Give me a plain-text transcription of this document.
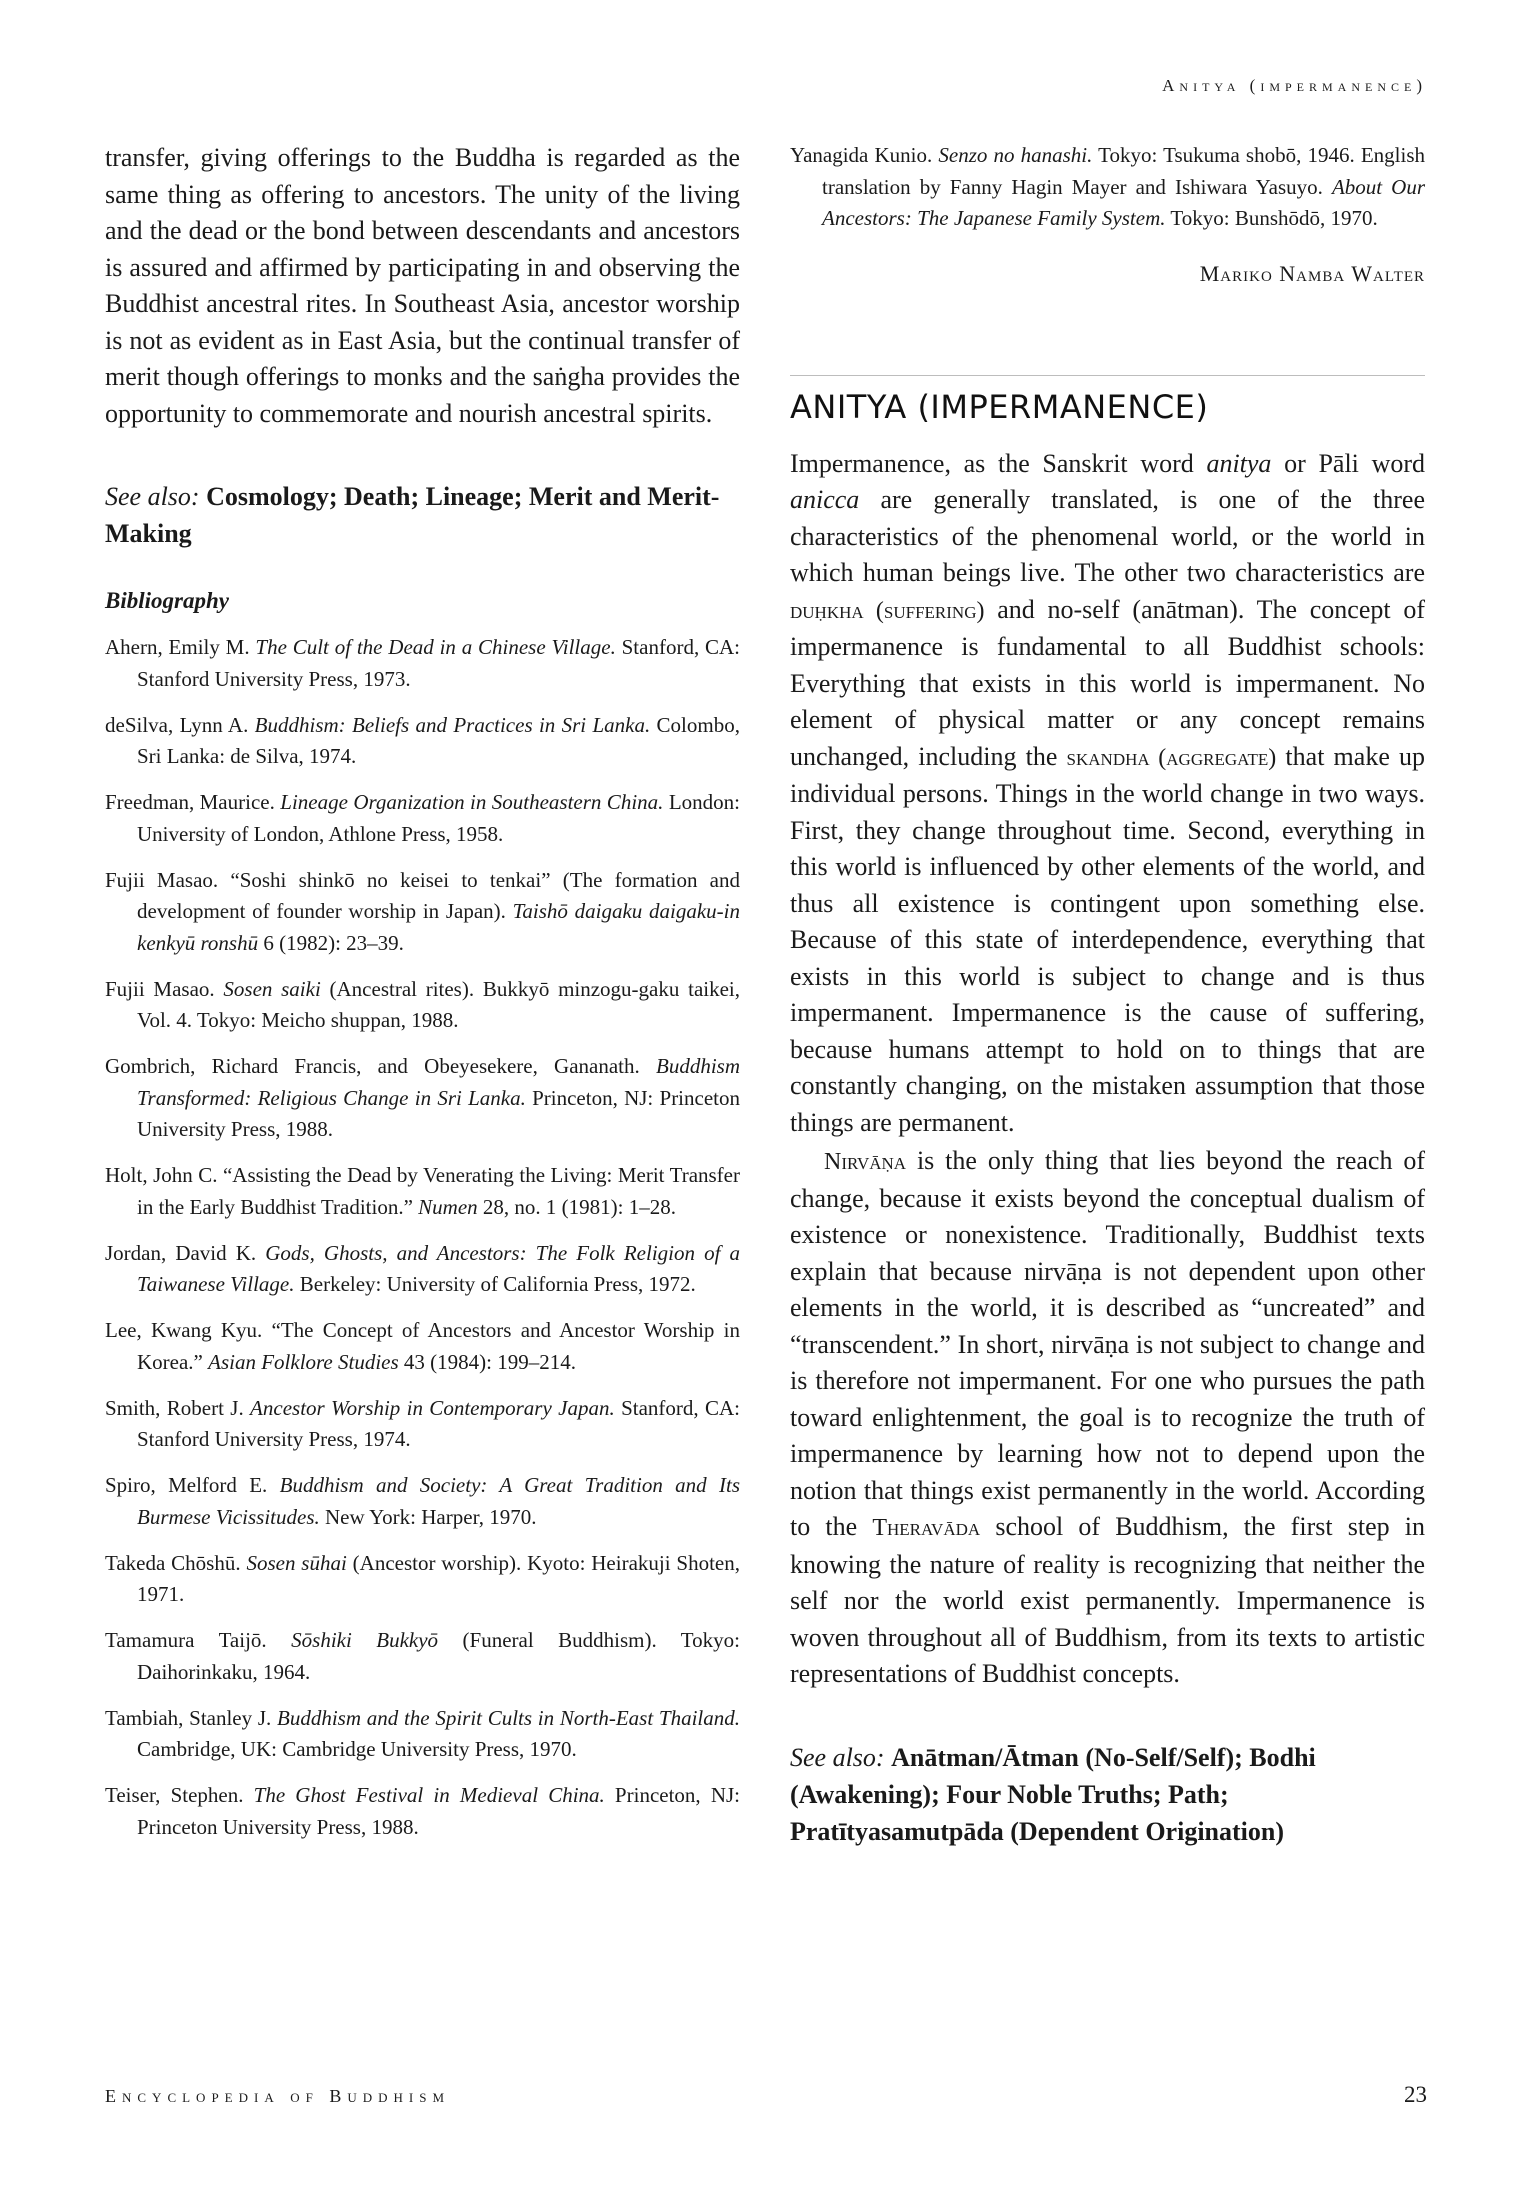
Anitya (impermanence)

transfer, giving offerings to the Buddha is regarded as the same thing as offering to ancestors. The unity of the living and the dead or the bond between descendants and ancestors is assured and affirmed by participating in and observing the Buddhist ancestral rites. In Southeast Asia, ancestor worship is not as evident as in East Asia, but the continual transfer of merit though offerings to monks and the saṅgha provides the opportunity to commemorate and nourish ancestral spirits.

See also: Cosmology; Death; Lineage; Merit and Merit-Making
Bibliography

Ahern, Emily M. The Cult of the Dead in a Chinese Village. Stanford, CA: Stanford University Press, 1973.

deSilva, Lynn A. Buddhism: Beliefs and Practices in Sri Lanka. Colombo, Sri Lanka: de Silva, 1974.

Freedman, Maurice. Lineage Organization in Southeastern China. London: University of London, Athlone Press, 1958.

Fujii Masao. “Soshi shinkō no keisei to tenkai” (The formation and development of founder worship in Japan). Taishō daigaku daigaku-in kenkyū ronshū 6 (1982): 23–39.

Fujii Masao. Sosen saiki (Ancestral rites). Bukkyō minzogu-gaku taikei, Vol. 4. Tokyo: Meicho shuppan, 1988.

Gombrich, Richard Francis, and Obeyesekere, Gananath. Buddhism Transformed: Religious Change in Sri Lanka. Princeton, NJ: Princeton University Press, 1988.

Holt, John C. “Assisting the Dead by Venerating the Living: Merit Transfer in the Early Buddhist Tradition.” Numen 28, no. 1 (1981): 1–28.

Jordan, David K. Gods, Ghosts, and Ancestors: The Folk Religion of a Taiwanese Village. Berkeley: University of California Press, 1972.

Lee, Kwang Kyu. “The Concept of Ancestors and Ancestor Worship in Korea.” Asian Folklore Studies 43 (1984): 199–214.

Smith, Robert J. Ancestor Worship in Contemporary Japan. Stanford, CA: Stanford University Press, 1974.

Spiro, Melford E. Buddhism and Society: A Great Tradition and Its Burmese Vicissitudes. New York: Harper, 1970.

Takeda Chōshū. Sosen sūhai (Ancestor worship). Kyoto: Heirakuji Shoten, 1971.

Tamamura Taijō. Sōshiki Bukkyō (Funeral Buddhism). Tokyo: Daihorinkaku, 1964.

Tambiah, Stanley J. Buddhism and the Spirit Cults in North-East Thailand. Cambridge, UK: Cambridge University Press, 1970.

Teiser, Stephen. The Ghost Festival in Medieval China. Princeton, NJ: Princeton University Press, 1988.

Yanagida Kunio. Senzo no hanashi. Tokyo: Tsukuma shobō, 1946. English translation by Fanny Hagin Mayer and Ishiwara Yasuyo. About Our Ancestors: The Japanese Family System. Tokyo: Bunshōdō, 1970.

Mariko Namba Walter
ANITYA (IMPERMANENCE)

Impermanence, as the Sanskrit word anitya or Pāli word anicca are generally translated, is one of the three characteristics of the phenomenal world, or the world in which human beings live. The other two characteristics are duḥkha (suffering) and no-self (anātman). The concept of impermanence is fundamental to all Buddhist schools: Everything that exists in this world is impermanent. No element of physical matter or any concept remains unchanged, including the skandha (aggregate) that make up individual persons. Things in the world change in two ways. First, they change throughout time. Second, everything in this world is influenced by other elements of the world, and thus all existence is contingent upon something else. Because of this state of interdependence, everything that exists in this world is subject to change and is thus impermanent. Impermanence is the cause of suffering, because humans attempt to hold on to things that are constantly changing, on the mistaken assumption that those things are permanent.

Nirvāṇa is the only thing that lies beyond the reach of change, because it exists beyond the conceptual dualism of existence or nonexistence. Traditionally, Buddhist texts explain that because nirvāṇa is not dependent upon other elements in the world, it is described as “uncreated” and “transcendent.” In short, nirvāṇa is not subject to change and is therefore not impermanent. For one who pursues the path toward enlightenment, the goal is to recognize the truth of impermanence by learning how not to depend upon the notion that things exist permanently in the world. According to the Theravāda school of Buddhism, the first step in knowing the nature of reality is recognizing that neither the self nor the world exist permanently. Impermanence is woven throughout all of Buddhism, from its texts to artistic representations of Buddhist concepts.

See also: Anātman/Ātman (No-Self/Self); Bodhi (Awakening); Four Noble Truths; Path; Pratītyasamutpāda (Dependent Origination)
Encyclopedia of Buddhism	23
